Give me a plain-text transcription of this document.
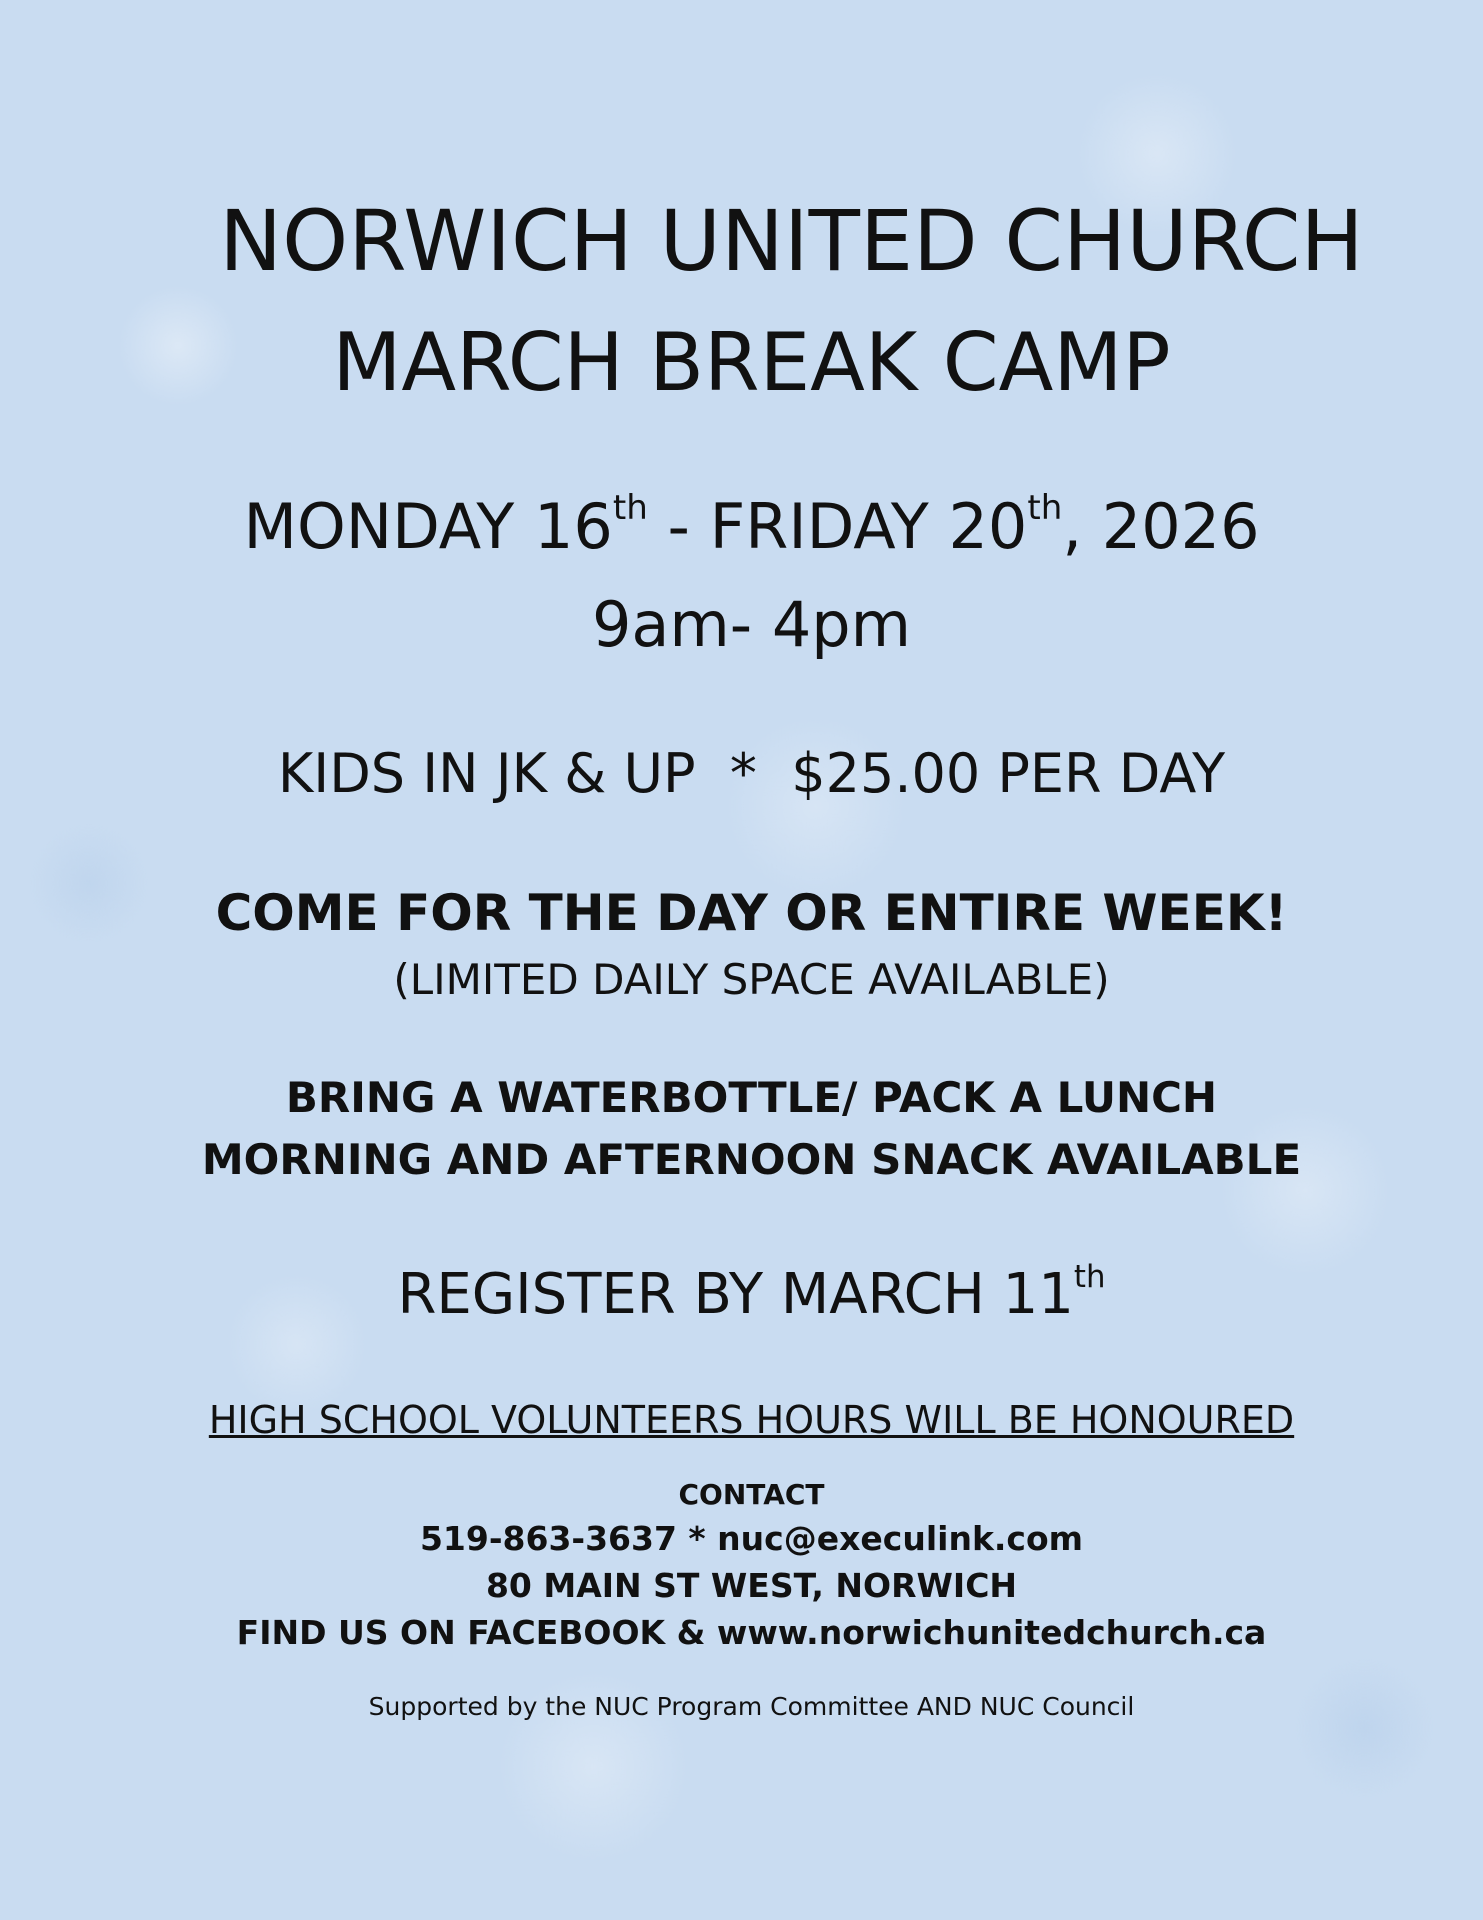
NORWICH UNITED CHURCH

MARCH BREAK CAMP

MONDAY 16th - FRIDAY 20th, 2026

9am- 4pm

KIDS IN JK & UP  *  $25.00 PER DAY

COME FOR THE DAY OR ENTIRE WEEK!

(LIMITED DAILY SPACE AVAILABLE)

BRING A WATERBOTTLE/ PACK A LUNCH

MORNING AND AFTERNOON SNACK AVAILABLE

REGISTER BY MARCH 11th

HIGH SCHOOL VOLUNTEERS HOURS WILL BE HONOURED

CONTACT

519-863-3637 * nuc@execulink.com

80 MAIN ST WEST, NORWICH

FIND US ON FACEBOOK & www.norwichunitedchurch.ca

Supported by the NUC Program Committee AND NUC Council
